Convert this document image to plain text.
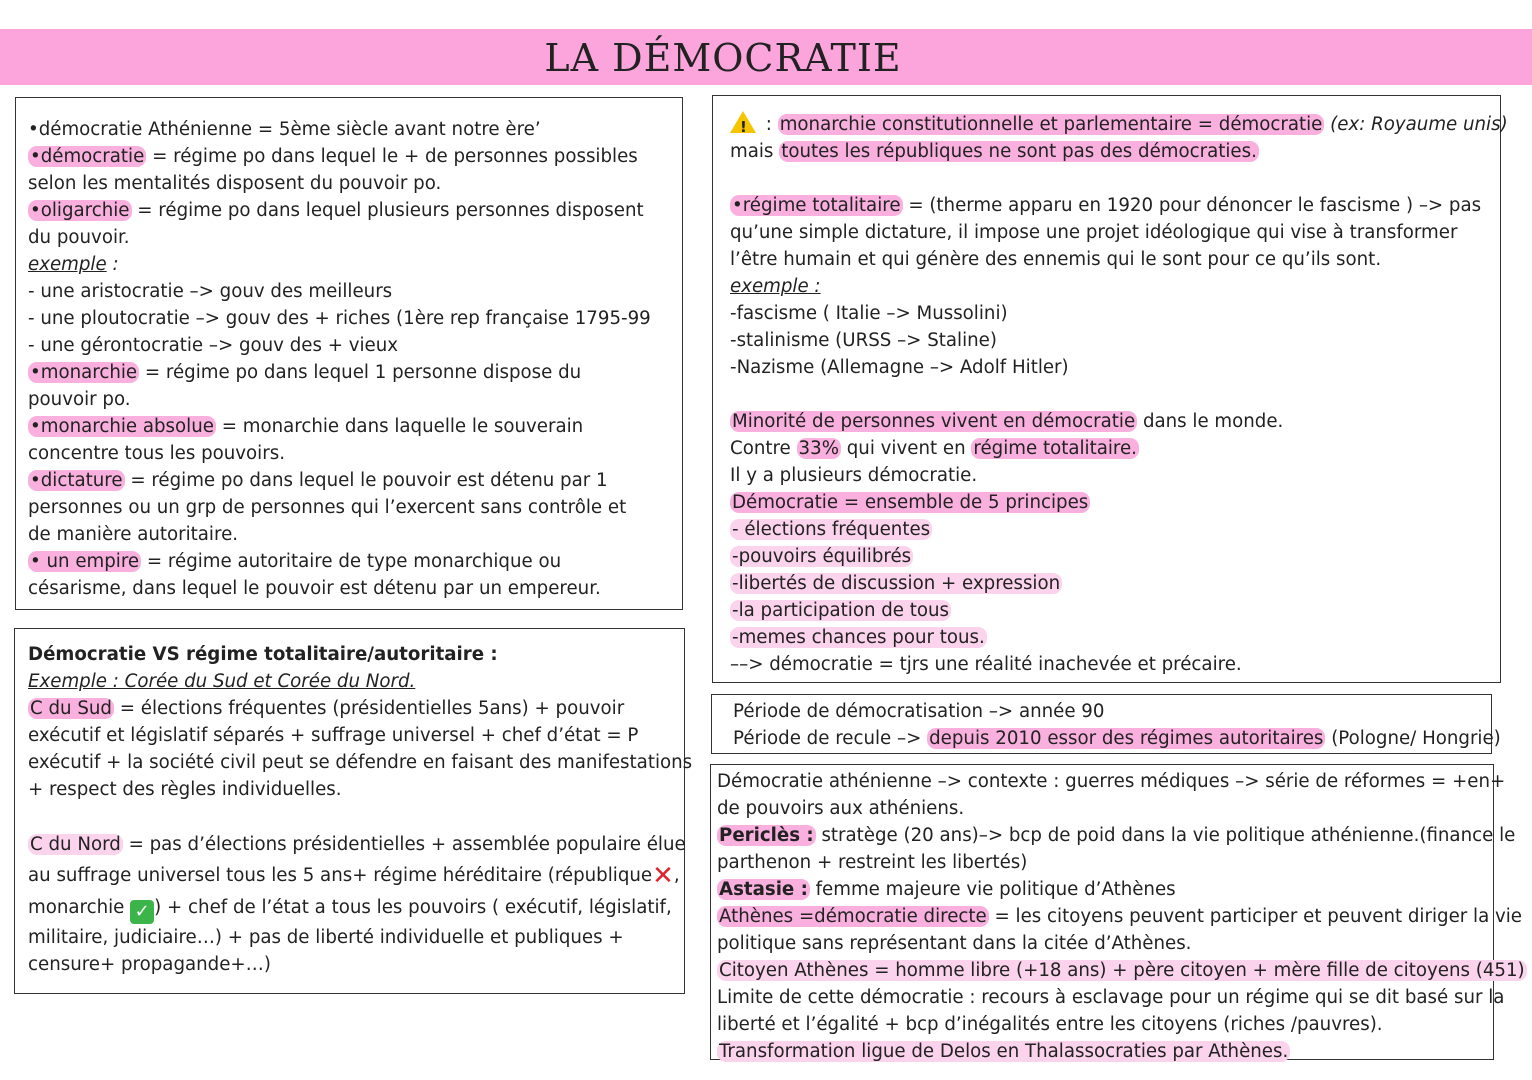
LA DÉMOCRATIE
•démocratie Athénienne = 5ème siècle avant notre ère’
•démocratie = régime po dans lequel le + de personnes possibles
selon les mentalités disposent du pouvoir po.
•oligarchie = régime po dans lequel plusieurs personnes disposent
du pouvoir.
exemple :
- une aristocratie –> gouv des meilleurs
- une ploutocratie –> gouv des + riches (1ère rep française 1795-99
- une gérontocratie –> gouv des + vieux
•monarchie = régime po dans lequel 1 personne dispose du
pouvoir po.
•monarchie absolue = monarchie dans laquelle le souverain
concentre tous les pouvoirs.
•dictature = régime po dans lequel le pouvoir est détenu par 1
personnes ou un grp de personnes qui l’exercent sans contrôle et
de manière autoritaire.
• un empire = régime autoritaire de type monarchique ou
césarisme, dans lequel le pouvoir est détenu par un empereur.
Démocratie VS régime totalitaire/autoritaire :
Exemple : Corée du Sud et Corée du Nord.
C du Sud = élections fréquentes (présidentielles 5ans) + pouvoir
exécutif et législatif séparés + suffrage universel + chef d’état = P
exécutif + la société civil peut se défendre en faisant des manifestations
+ respect des règles individuelles.

C du Nord = pas d’élections présidentielles + assemblée populaire élue
au suffrage universel tous les 5 ans+ régime héréditaire (république✕,
monarchie ✓ ) + chef de l’état a tous les pouvoirs ( exécutif, législatif,
militaire, judiciaire…) + pas de liberté individuelle et publiques +
censure+ propagande+…)
! : monarchie constitutionnelle et parlementaire = démocratie (ex: Royaume unis)
mais toutes les républiques ne sont pas des démocraties.

•régime totalitaire = (therme apparu en 1920 pour dénoncer le fascisme ) –> pas
qu’une simple dictature, il impose une projet idéologique qui vise à transformer
l’être humain et qui génère des ennemis qui le sont pour ce qu’ils sont.
exemple :
-fascisme ( Italie –> Mussolini)
-stalinisme (URSS –> Staline)
-Nazisme (Allemagne –> Adolf Hitler)

Minorité de personnes vivent en démocratie dans le monde.
Contre 33% qui vivent en régime totalitaire.
Il y a plusieurs démocratie.
Démocratie = ensemble de 5 principes
- élections fréquentes
-pouvoirs équilibrés
-libertés de discussion + expression
-la participation de tous
-memes chances pour tous.
––> démocratie = tjrs une réalité inachevée et précaire.
Période de démocratisation –> année 90
Période de recule –> depuis 2010 essor des régimes autoritaires (Pologne/ Hongrie)
Démocratie athénienne –> contexte : guerres médiques –> série de réformes = +en+
de pouvoirs aux athéniens.
Periclès : stratège (20 ans)–> bcp de poid dans la vie politique athénienne.(finance le
parthenon + restreint les libertés)
Astasie : femme majeure vie politique d’Athènes
Athènes =démocratie directe = les citoyens peuvent participer et peuvent diriger la vie
politique sans représentant dans la citée d’Athènes.
Citoyen Athènes = homme libre (+18 ans) + père citoyen + mère fille de citoyens (451)
Limite de cette démocratie : recours à esclavage pour un régime qui se dit basé sur la
liberté et l’égalité + bcp d’inégalités entre les citoyens (riches /pauvres).
Transformation ligue de Delos en Thalassocraties par Athènes.
